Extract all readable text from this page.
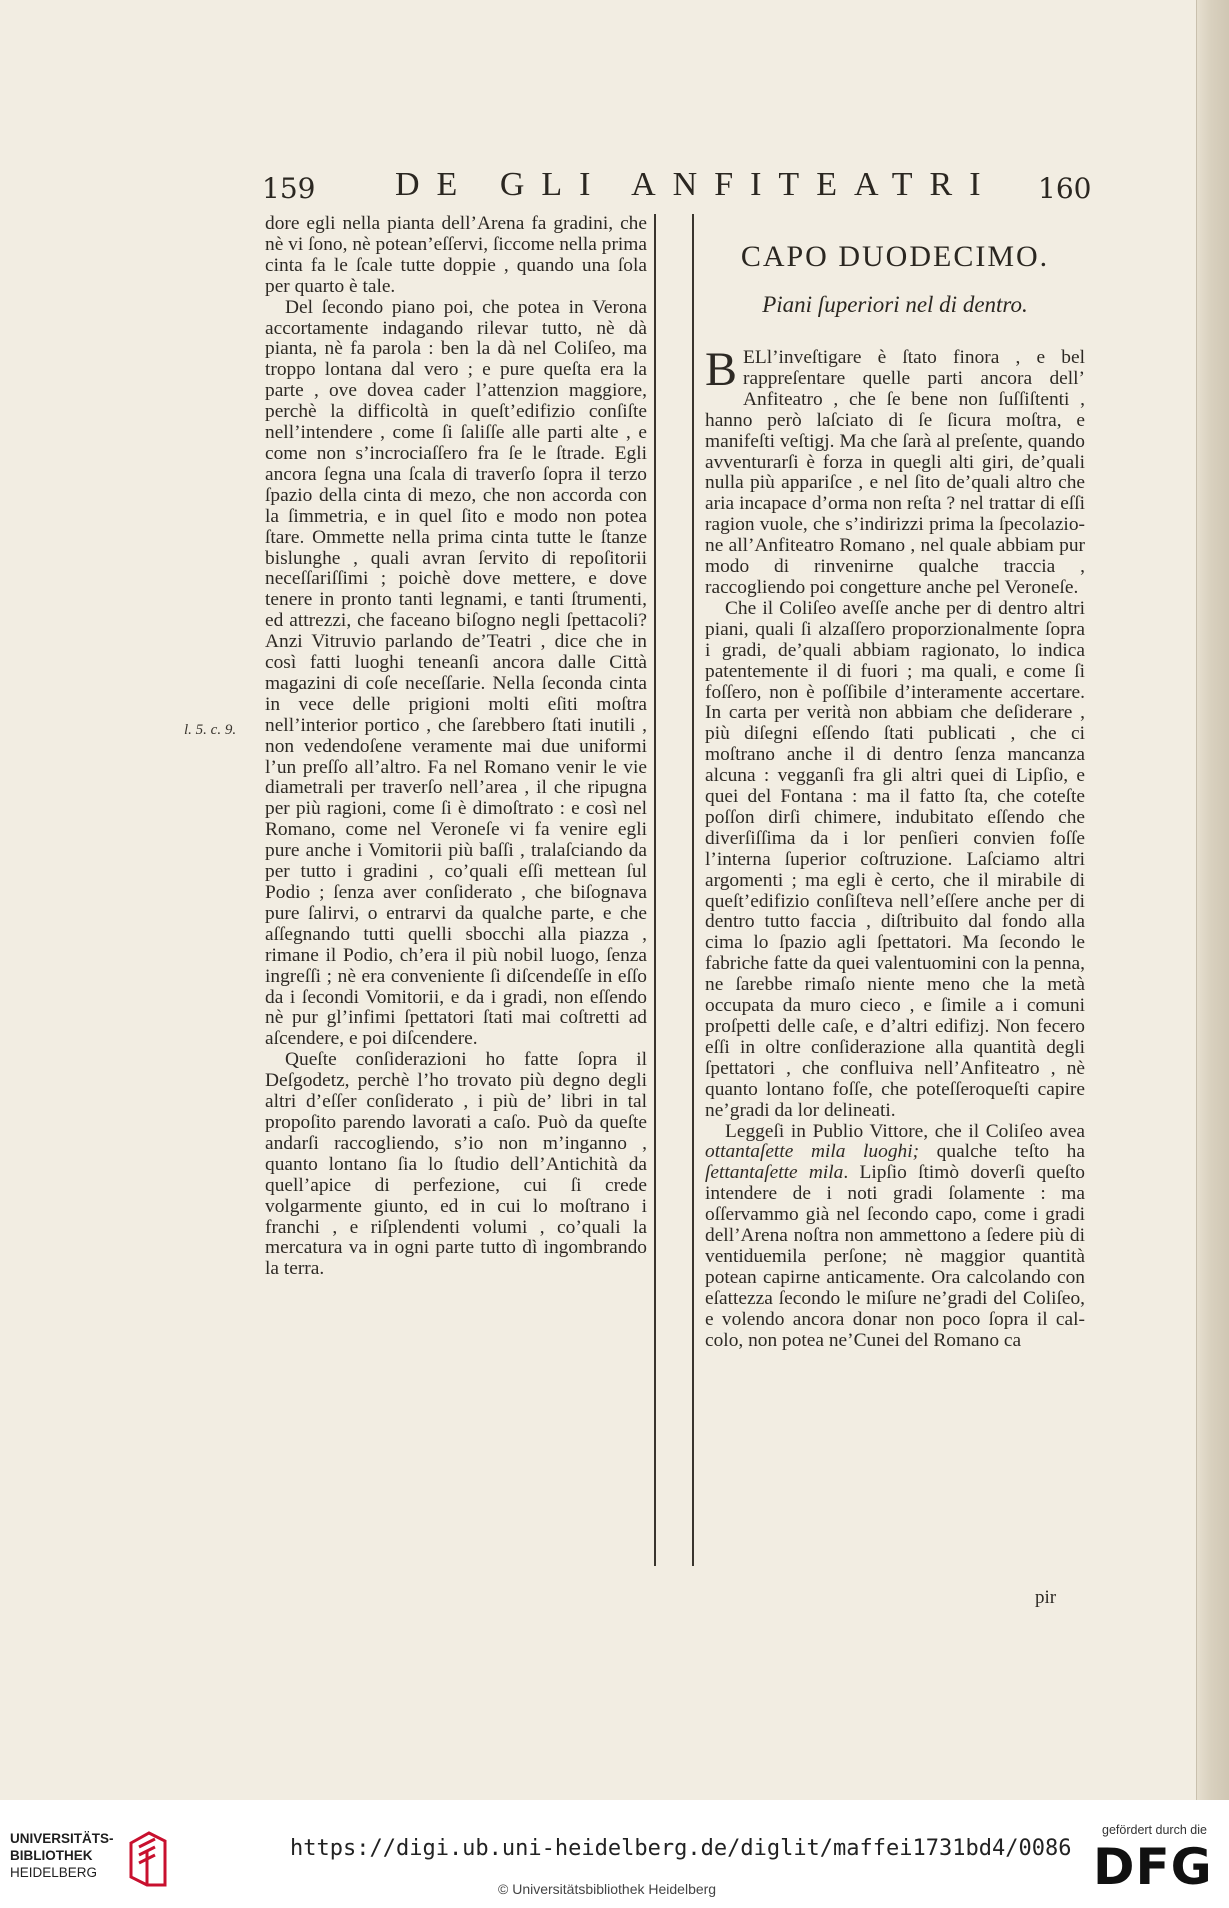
159 DE GLI ANFITEATRI 160
l. 5. c. 9.

dore egli nella pianta dell’Arena fa gradini, che nè vi ſono, nè potean’eſſervi, ſiccome nella prima cinta fa le ſcale tutte doppie , quando una ſola per quarto è tale.

Del ſecondo piano poi, che potea in Verona accortamente indagando rilevar tutto, nè dà pianta, nè fa parola : ben la dà nel Coliſeo, ma troppo lontana dal vero ; e pure queſta era la parte , ove dovea cader l’attenzion maggiore, perchè la difficoltà in queſt’edifizio conſiſte nell’intendere , come ſi ſaliſſe alle parti alte , e come non s’incrociaſſero fra ſe le ſtrade. Egli ancora ſegna una ſcala di traverſo ſopra il terzo ſpazio della cinta di mezo, che non accorda con la ſimmetria, e in quel ſito e modo non potea ſtare. Ommette nella prima cinta tutte le ſtanze bislunghe , quali avran ſervito di repoſitorii neceſſariſſimi ; poichè dove mettere, e dove tenere in pronto tanti legnami, e tanti ſtrumenti, ed attrezzi, che faceano biſogno negli ſpettacoli? Anzi Vitruvio parlando de’Teatri , dice che in così fatti luoghi teneanſi ancora dalle Città magazini di coſe neceſſarie. Nella ſeconda cinta in vece delle prigioni molti eſiti moſtra nell’interior portico , che ſarebbero ſtati inutili , non vedendoſene veramente mai due uniformi l’un preſſo all’altro. Fa nel Romano venir le vie diametrali per traverſo nell’area , il che ripugna per più ragioni, come ſi è dimoſtrato : e così nel Romano, come nel Veroneſe vi fa venire egli pure anche i Vomitorii più baſſi , tralaſciando da per tutto i gradini , co’quali eſſi mettean ſul Podio ; ſenza aver conſiderato , che biſognava pure ſalirvi, o entrarvi da qualche parte, e che aſſegnando tutti quelli sbocchi alla piazza , rimane il Podio, ch’era il più nobil luogo, ſenza ingreſſi ; nè era conveniente ſi diſcendeſſe in eſſo da i ſecondi Vomitorii, e da i gradi, non eſſendo nè pur gl’infimi ſpettatori ſtati mai coſtretti ad aſcendere, e poi diſcendere.

Queſte conſiderazioni ho fatte ſopra il Deſgodetz, perchè l’ho trovato più degno degli altri d’eſſer conſiderato , i più de’ libri in tal propoſito parendo lavorati a caſo. Può da queſte andarſi raccogliendo, s’io non m’inganno , quanto lontano ſia lo ſtudio dell’Antichità da quell’apice di perfezione, cui ſi crede volgarmente giunto, ed in cui lo moſtrano i franchi , e riſplendenti volumi , co’quali la mercatura va in ogni parte tutto dì ingombrando la terra.

CAPO DUODECIMO.
Piani ſuperiori nel di dentro.

B ELl’inveſtigare è ſtato finora , e bel rappreſentare quelle parti ancora dell’ Anfiteatro , che ſe bene non ſuſſiſtenti , hanno però laſciato di ſe ſicura moſtra, e manifeſti veſtigj. Ma che ſarà al preſente, quando avventurarſi è forza in quegli alti giri, de’quali nulla più appariſce , e nel ſito de’quali altro che aria incapace d’orma non reſta ? nel trattar di eſſi ragion vuole, che s’indirizzi prima la ſpecolazione all’Anfiteatro Romano , nel quale abbiam pur modo di rinvenirne qualche traccia , raccogliendo poi congetture anche pel Veroneſe.

Che il Coliſeo aveſſe anche per di dentro altri piani, quali ſi alzaſſero proporzionalmente ſopra i gradi, de’quali abbiam ragionato, lo indica patentemente il di fuori ; ma quali, e come ſi foſſero, non è poſſibile d’interamente accertare. In carta per verità non abbiam che deſiderare , più diſegni eſſendo ſtati publicati , che ci moſtrano anche il di dentro ſenza mancanza alcuna : vegganſi fra gli altri quei di Lipſio, e quei del Fontana : ma il fatto ſta, che coteſte poſſon dirſi chimere, indubitato eſſendo che diverſiſſima da i lor penſieri convien foſſe l’interna ſuperior coſtruzione. Laſciamo altri argomenti ; ma egli è certo, che il mirabile di queſt’edifizio conſiſteva nell’eſſere anche per di dentro tutto faccia , diſtribuito dal fondo alla cima lo ſpazio agli ſpettatori. Ma ſecondo le fabriche fatte da quei valentuomini con la penna, ne ſarebbe rimaſo niente meno che la metà occupata da muro cieco , e ſimile a i comuni proſpetti delle caſe, e d’altri edifizj. Non fecero eſſi in oltre conſiderazione alla quantità degli ſpettatori , che confluiva nell’Anfiteatro , nè quanto lontano foſſe, che poteſſeroqueſti capire ne’gradi da lor delineati.

Leggeſi in Publio Vittore, che il Coliſeo avea ottantaſette mila luoghi; qualche teſto ha ſettantaſette mila. Lipſio ſtimò doverſi queſto intendere de i noti gradi ſolamente : ma oſſervammo già nel ſecondo capo, come i gradi dell’Arena noſtra non ammettono a ſedere più di ventiduemila perſone; nè maggior quantità potean capirne anticamente. Ora calcolando con eſattezza ſecondo le miſure ne’gradi del Coliſeo, e volendo ancora donar non poco ſopra il calcolo, non potea ne’Cunei del Romano ca

pir
UNIVERSITÄTS-
BIBLIOTHEK
HEIDELBERG
https://digi.ub.uni-heidelberg.de/diglit/maffei1731bd4/0086
© Universitätsbibliothek Heidelberg
gefördert durch die
DFG
